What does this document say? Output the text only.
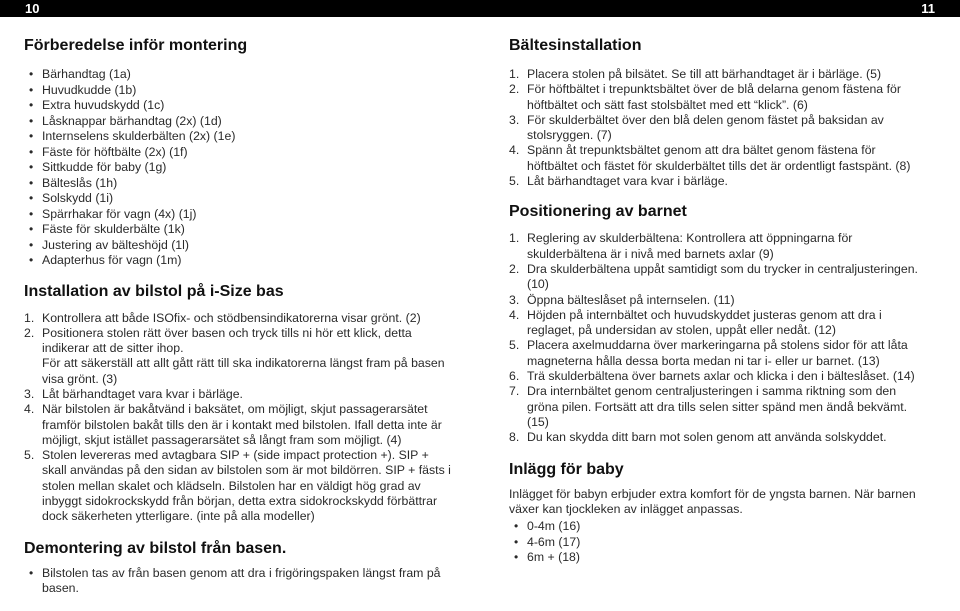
10	11
Förberedelse inför montering
• Bärhandtag (1a)
• Huvudkudde (1b)
• Extra huvudskydd (1c)
• Låsknappar bärhandtag (2x) (1d)
• Internselens skulderbälten (2x) (1e)
• Fäste för höftbälte (2x) (1f)
• Sittkudde för baby (1g)
• Bälteslås (1h)
• Solskydd (1i)
• Spärrhakar för vagn (4x) (1j)
• Fäste för skulderbälte (1k)
• Justering av bälteshöjd (1l)
• Adapterhus för vagn (1m)
Installation av bilstol på i-Size bas
1. Kontrollera att både ISOfix- och stödbensindikatorerna visar grönt. (2)
2. Positionera stolen rätt över basen och tryck tills ni hör ett klick, detta indikerar att de sitter ihop.
För att säkerställ att allt gått rätt till ska indikatorerna längst fram på basen visa grönt. (3)
3. Låt bärhandtaget vara kvar i bärläge.
4. När bilstolen är bakåtvänd i baksätet, om möjligt, skjut passagerarsätet framför bilstolen bakåt tills den är i kontakt med bilstolen. Ifall detta inte är möjligt, skjut istället passagerarsätet så långt fram som möjligt. (4)
5. Stolen levereras med avtagbara SIP + (side impact protection +). SIP + skall användas på den sidan av bilstolen som är mot bildörren. SIP + fästs i stolen mellan skalet och klädseln. Bilstolen har en väldigt hög grad av inbyggt sidokrockskydd från början, detta extra sidokrockskydd förbättrar dock säkerheten ytterligare. (inte på alla modeller)
Demontering av bilstol från basen.
• Bilstolen tas av från basen genom att dra i frigöringspaken längst fram på basen.
Bältesinstallation
1. Placera stolen på bilsätet. Se till att bärhandtaget är i bärläge. (5)
2. För höftbältet i trepunktsbältet över de blå delarna genom fästena för höftbältet och sätt fast stolsbältet med ett “klick”. (6)
3. För skulderbältet över den blå delen genom fästet på baksidan av stolsryggen. (7)
4. Spänn åt trepunktsbältet genom att dra bältet genom fästena för höftbältet och fästet för skulderbältet tills det är ordentligt fastspänt. (8)
5. Låt bärhandtaget vara kvar i bärläge.
Positionering av barnet
1. Reglering av skulderbältena: Kontrollera att öppningarna för skulderbältena är i nivå med barnets axlar (9)
2. Dra skulderbältena uppåt samtidigt som du trycker in centraljusteringen. (10)
3. Öppna bälteslåset på internselen. (11)
4. Höjden på internbältet och huvudskyddet justeras genom att dra i reglaget, på undersidan av stolen, uppåt eller nedåt. (12)
5. Placera axelmuddarna över markeringarna på stolens sidor för att låta magneterna hålla dessa borta medan ni tar i- eller ur barnet. (13)
6. Trä skulderbältena över barnets axlar och klicka i den i bälteslåset. (14)
7. Dra internbältet genom centraljusteringen i samma riktning som den gröna pilen. Fortsätt att dra tills selen sitter spänd men ändå bekvämt. (15)
8. Du kan skydda ditt barn mot solen genom att använda solskyddet.
Inlägg för baby

Inlägget för babyn erbjuder extra komfort för de yngsta barnen. När barnen växer kan tjockleken av inlägget anpassas.

• 0-4m (16)
• 4-6m (17)
• 6m + (18)
